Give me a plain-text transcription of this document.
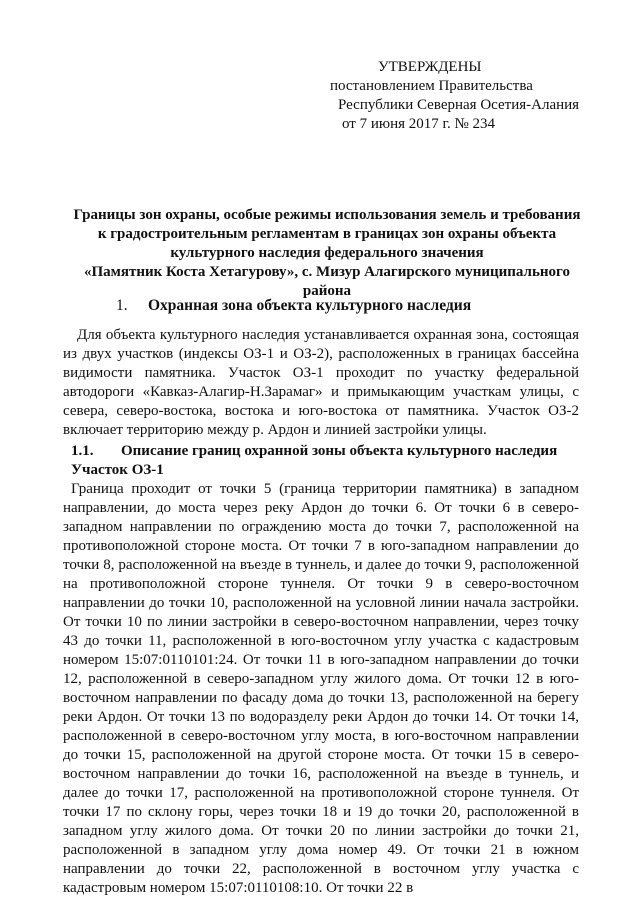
УТВЕРЖДЕНЫ
постановлением Правительства
Республики Северная Осетия-Алания
от 7 июня 2017 г. № 234
Границы зон охраны, особые режимы использования земель и требования
к градостроительным регламентам в границах зон охраны объекта
культурного наследия федерального значения
«Памятник Коста Хетагурову», с. Мизур Алагирского муниципального
района
1. Охранная зона объекта культурного наследия
Для объекта культурного наследия устанавливается охранная зона, состоящая из двух участков (индексы ОЗ-1 и ОЗ-2), расположенных в границах бассейна видимости памятника. Участок ОЗ-1 проходит по участку федеральной автодороги «Кавказ-Алагир-Н.Зарамаг» и примыкающим участкам улицы, с севера, северо-востока, востока и юго-востока от памятника. Участок ОЗ-2 включает территорию между р. Ардон и линией застройки улицы.
1.1. Описание границ охранной зоны объекта культурного наследия
Участок ОЗ-1
Граница проходит от точки 5 (граница территории памятника) в западном направлении, до моста через реку Ардон до точки 6. От точки 6 в северо-западном направлении по ограждению моста до точки 7, расположенной на противоположной стороне моста. От точки 7 в юго-западном направлении до точки 8, расположенной на въезде в туннель, и далее до точки 9, расположенной на противоположной стороне туннеля. От точки 9 в северо-восточном направлении до точки 10, расположенной на условной линии начала застройки. От точки 10 по линии застройки в северо-восточном направлении, через точку 43 до точки 11, расположенной в юго-восточном углу участка с кадастровым номером 15:07:0110101:24. От точки 11 в юго-западном направлении до точки 12, расположенной в северо-западном углу жилого дома. От точки 12 в юго-восточном направлении по фасаду дома до точки 13, расположенной на берегу реки Ардон. От точки 13 по водоразделу реки Ардон до точки 14. От точки 14, расположенной в северо-восточном углу моста, в юго-восточном направлении до точки 15, расположенной на другой стороне моста. От точки 15 в северо-восточном направлении до точки 16, расположенной на въезде в туннель, и далее до точки 17, расположенной на противоположной стороне туннеля. От точки 17 по склону горы, через точки 18 и 19 до точки 20, расположенной в западном углу жилого дома. От точки 20 по линии застройки до точки 21, расположенной в западном углу дома номер 49. От точки 21 в южном направлении до точки 22, расположенной в восточном углу участка с кадастровым номером 15:07:0110108:10. От точки 22 в
